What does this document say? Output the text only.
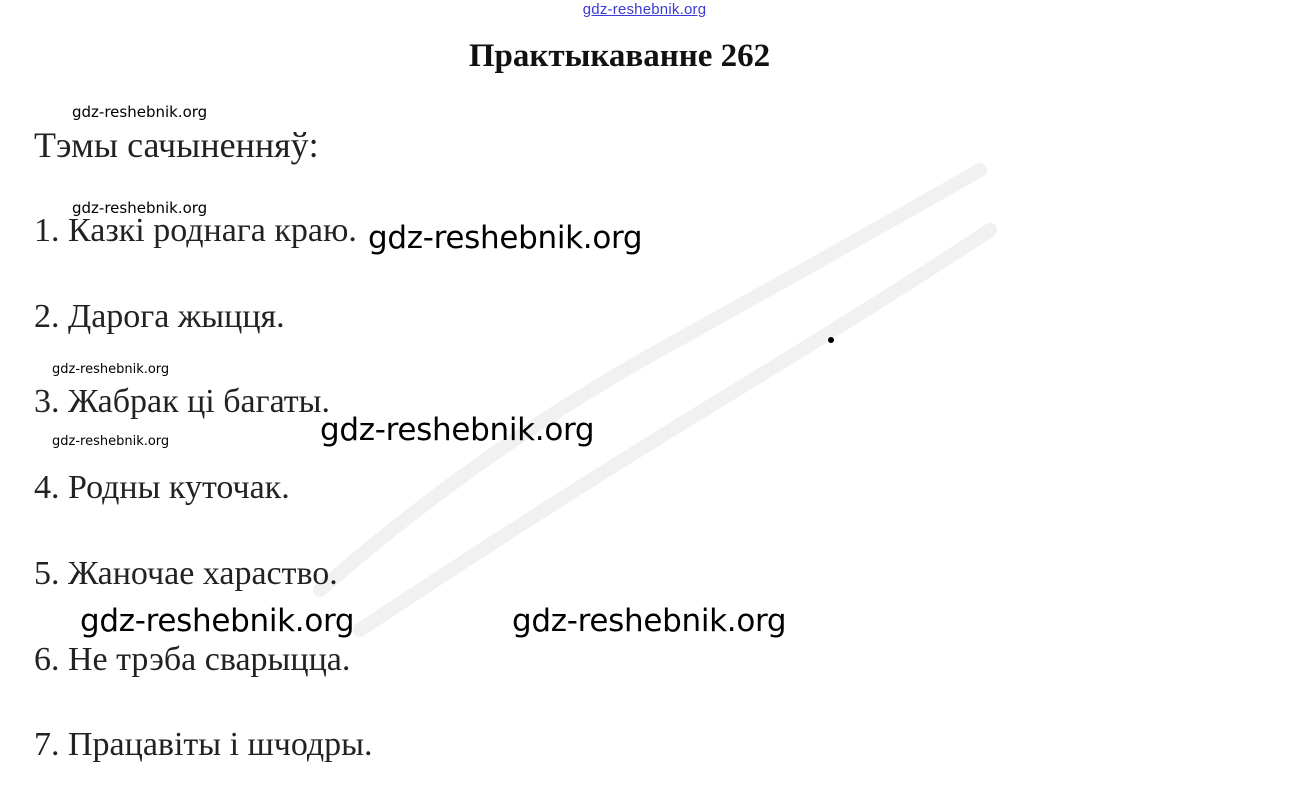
gdz-reshebnik.org
Практыкаванне 262
gdz-reshebnik.org
Тэмы сачыненняў:
gdz-reshebnik.org
1. Казкі роднага краю. gdz-reshebnik.org
2. Дарога жыцця.
gdz-reshebnik.org
3. Жабрак ці багаты.
gdz-reshebnik.org
gdz-reshebnik.org
4. Родны куточак.
5. Жаночае хараство.
gdz-reshebnik.org	gdz-reshebnik.org
6. Не трэба сварыцца.
7. Працавіты і шчодры.
